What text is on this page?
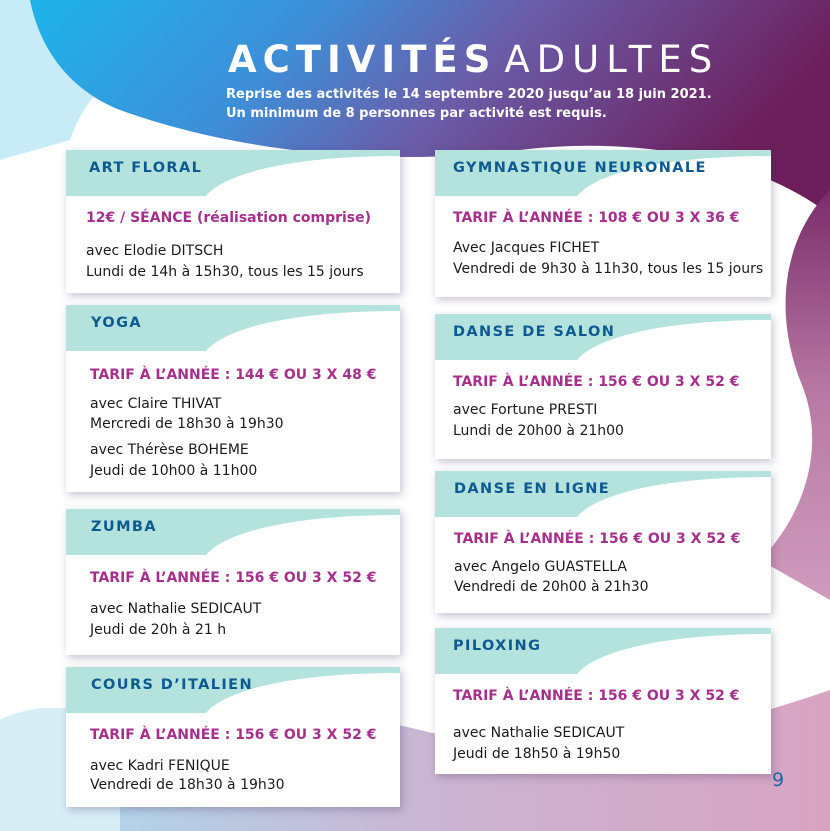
ACTIVITÉS ADULTES
Reprise des activités le 14 septembre 2020 jusqu’au 18 juin 2021.
Un minimum de 8 personnes par activité est requis.
ART FLORAL
12€ / SÉANCE (réalisation comprise)
avec Elodie DITSCH
Lundi de 14h à 15h30, tous les 15 jours
YOGA
TARIF À L’ANNÉE : 144 € OU 3 X 48 €
avec Claire THIVAT
Mercredi de 18h30 à 19h30
avec Thérèse BOHEME
Jeudi de 10h00 à 11h00
ZUMBA
TARIF À L’ANNÉE : 156 € OU 3 X 52 €
avec Nathalie SEDICAUT
Jeudi de 20h à 21 h
COURS D’ITALIEN
TARIF À L’ANNÉE : 156 € OU 3 X 52 €
avec Kadri FENIQUE
Vendredi de 18h30 à 19h30
GYMNASTIQUE NEURONALE
TARIF À L’ANNÉE : 108 € OU 3 X 36 €
Avec Jacques FICHET
Vendredi de 9h30 à 11h30, tous les 15 jours
DANSE DE SALON
TARIF À L’ANNÉE : 156 € OU 3 X 52 €
avec Fortune PRESTI
Lundi de 20h00 à 21h00
DANSE EN LIGNE
TARIF À L’ANNÉE : 156 € OU 3 X 52 €
avec Angelo GUASTELLA
Vendredi de 20h00 à 21h30
PILOXING
TARIF À L’ANNÉE : 156 € OU 3 X 52 €
avec Nathalie SEDICAUT
Jeudi de 18h50 à 19h50
9
